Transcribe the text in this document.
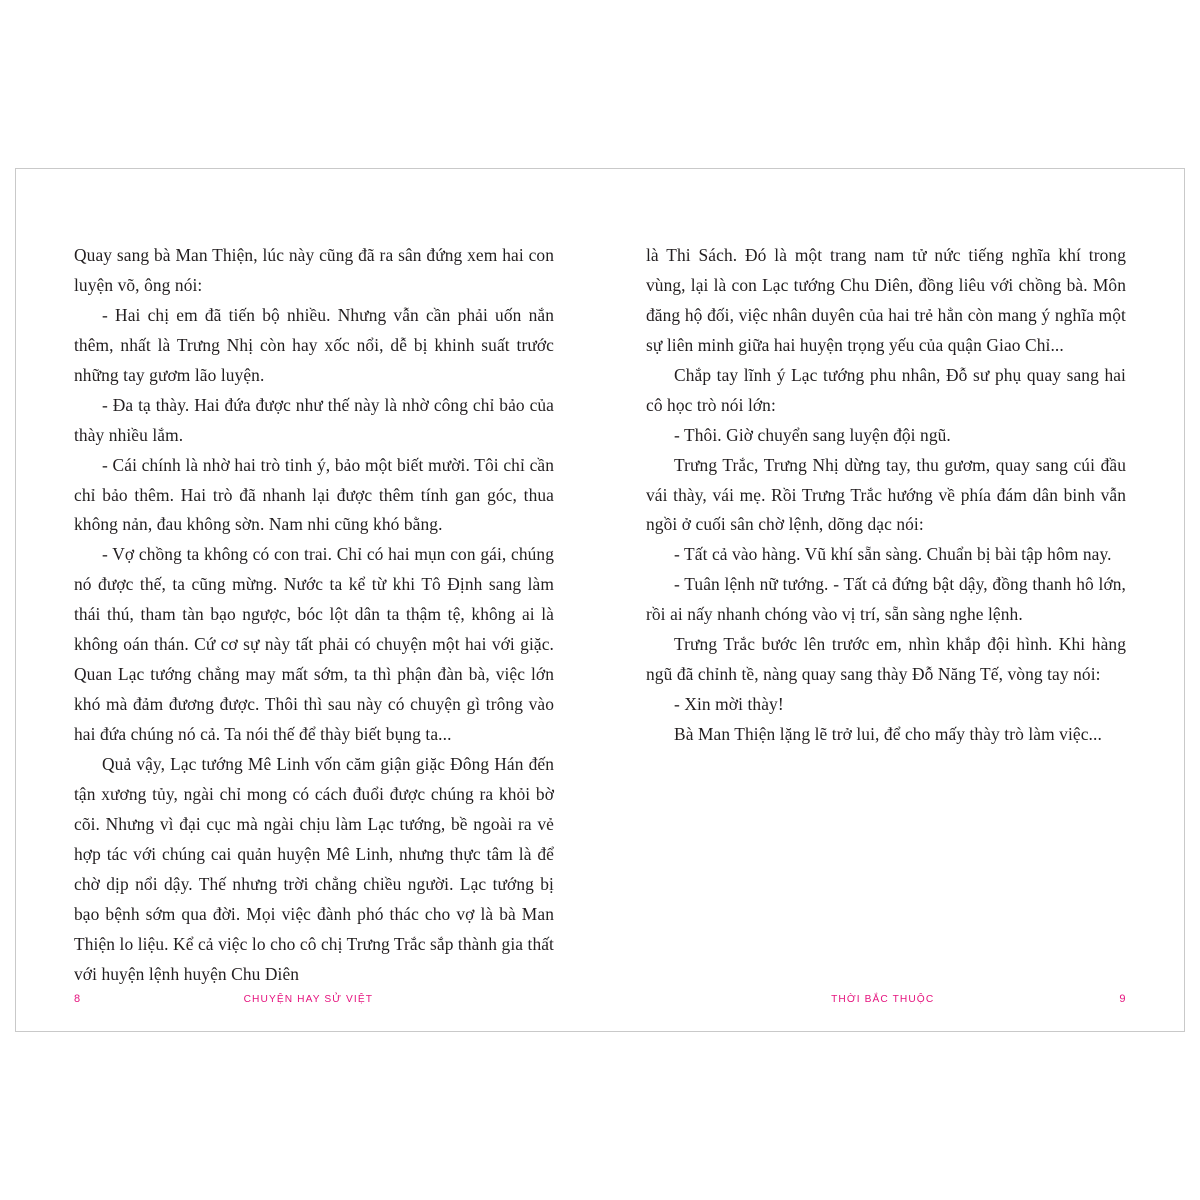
Quay sang bà Man Thiện, lúc này cũng đã ra sân đứng xem hai con luyện võ, ông nói:

- Hai chị em đã tiến bộ nhiều. Nhưng vẫn cần phải uốn nắn thêm, nhất là Trưng Nhị còn hay xốc nổi, dễ bị khinh suất trước những tay gươm lão luyện.

- Đa tạ thày. Hai đứa được như thế này là nhờ công chỉ bảo của thày nhiều lắm.

- Cái chính là nhờ hai trò tinh ý, bảo một biết mười. Tôi chỉ cần chỉ bảo thêm. Hai trò đã nhanh lại được thêm tính gan góc, thua không nản, đau không sờn. Nam nhi cũng khó bằng.

- Vợ chồng ta không có con trai. Chỉ có hai mụn con gái, chúng nó được thế, ta cũng mừng. Nước ta kể từ khi Tô Định sang làm thái thú, tham tàn bạo ngược, bóc lột dân ta thậm tệ, không ai là không oán thán. Cứ cơ sự này tất phải có chuyện một hai với giặc. Quan Lạc tướng chẳng may mất sớm, ta thì phận đàn bà, việc lớn khó mà đảm đương được. Thôi thì sau này có chuyện gì trông vào hai đứa chúng nó cả. Ta nói thế để thày biết bụng ta...

Quả vậy, Lạc tướng Mê Linh vốn căm giận giặc Đông Hán đến tận xương tủy, ngài chỉ mong có cách đuổi được chúng ra khỏi bờ cõi. Nhưng vì đại cục mà ngài chịu làm Lạc tướng, bề ngoài ra vẻ hợp tác với chúng cai quản huyện Mê Linh, nhưng thực tâm là để chờ dịp nổi dậy. Thế nhưng trời chẳng chiều người. Lạc tướng bị bạo bệnh sớm qua đời. Mọi việc đành phó thác cho vợ là bà Man Thiện lo liệu. Kể cả việc lo cho cô chị Trưng Trắc sắp thành gia thất với huyện lệnh huyện Chu Diên

8	CHUYỆN HAY SỬ VIỆT

là Thi Sách. Đó là một trang nam tử nức tiếng nghĩa khí trong vùng, lại là con Lạc tướng Chu Diên, đồng liêu với chồng bà. Môn đăng hộ đối, việc nhân duyên của hai trẻ hẳn còn mang ý nghĩa một sự liên minh giữa hai huyện trọng yếu của quận Giao Chỉ...

Chắp tay lĩnh ý Lạc tướng phu nhân, Đỗ sư phụ quay sang hai cô học trò nói lớn:

- Thôi. Giờ chuyển sang luyện đội ngũ.

Trưng Trắc, Trưng Nhị dừng tay, thu gươm, quay sang cúi đầu vái thày, vái mẹ. Rồi Trưng Trắc hướng về phía đám dân binh vẫn ngồi ở cuối sân chờ lệnh, dõng dạc nói:

- Tất cả vào hàng. Vũ khí sẵn sàng. Chuẩn bị bài tập hôm nay.

- Tuân lệnh nữ tướng. - Tất cả đứng bật dậy, đồng thanh hô lớn, rồi ai nấy nhanh chóng vào vị trí, sẵn sàng nghe lệnh.

Trưng Trắc bước lên trước em, nhìn khắp đội hình. Khi hàng ngũ đã chỉnh tề, nàng quay sang thày Đỗ Năng Tế, vòng tay nói:

- Xin mời thày!

Bà Man Thiện lặng lẽ trở lui, để cho mấy thày trò làm việc...

THỜI BẮC THUỘC	9
